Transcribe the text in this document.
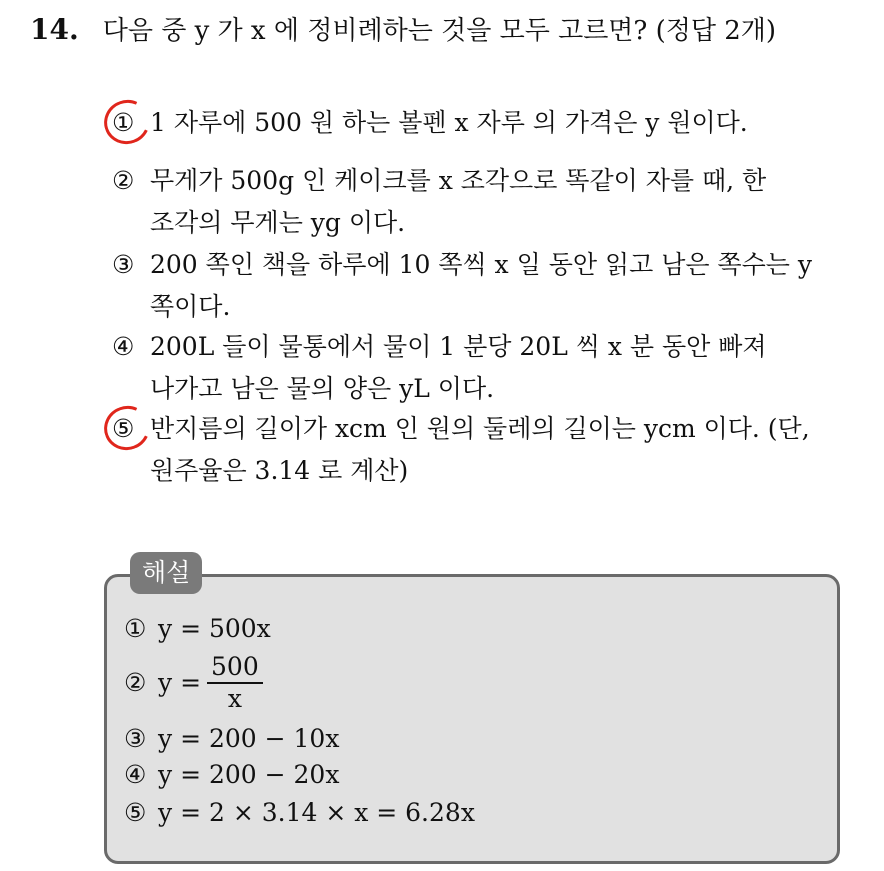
14. 다음 중 y 가 x 에 정비례하는 것을 모두 고르면? (정답 2개)
① 1 자루에 500 원 하는 볼펜 x 자루 의 가격은 y 원이다.
② 무게가 500g 인 케이크를 x 조각으로 똑같이 자를 때, 한
조각의 무게는 yg 이다.
③ 200 쪽인 책을 하루에 10 쪽씩 x 일 동안 읽고 남은 쪽수는 y
쪽이다.
④ 200L 들이 물통에서 물이 1 분당 20L 씩 x 분 동안 빠져
나가고 남은 물의 양은 yL 이다.
⑤ 반지름의 길이가 xcm 인 원의 둘레의 길이는 ycm 이다. (단,
원주율은 3.14 로 계산)
해설
① y = 500x
② $y = \frac{500}{x}$
③ y = 200 − 10x
④ y = 200 − 20x
⑤ y = 2 × 3.14 × x = 6.28x
